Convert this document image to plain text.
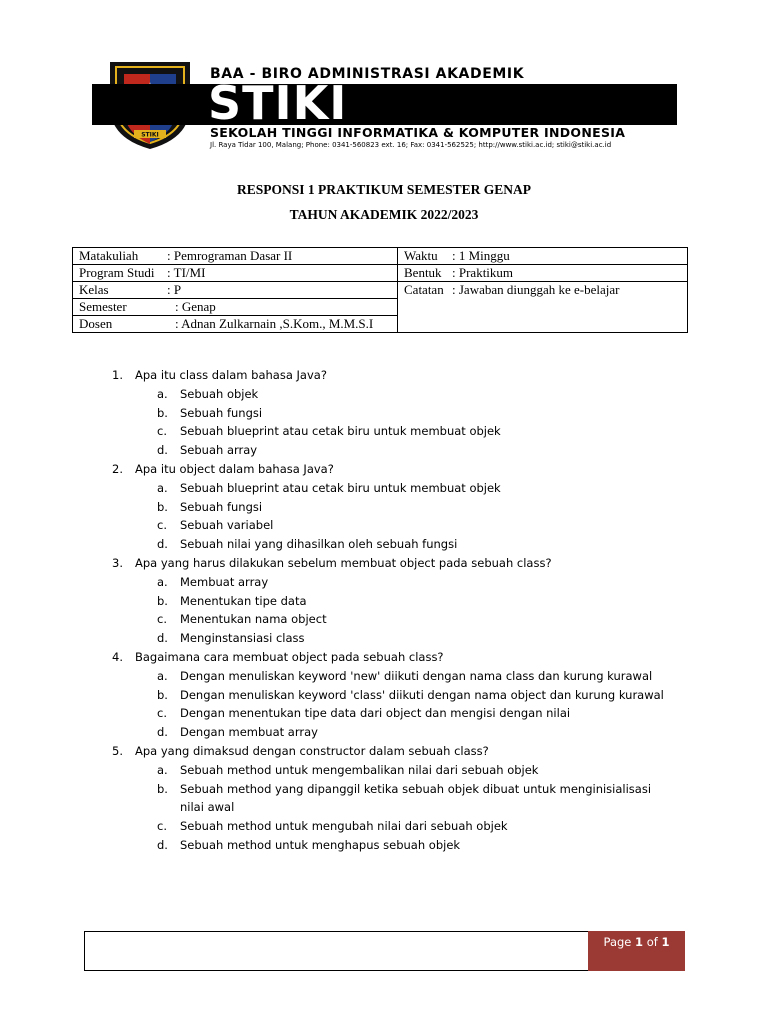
STIKI
BAA - BIRO ADMINISTRASI AKADEMIK
STIKI
SEKOLAH TINGGI INFORMATIKA & KOMPUTER INDONESIA
Jl. Raya Tidar 100, Malang; Phone: 0341-560823 ext. 16; Fax: 0341-562525; http://www.stiki.ac.id; stiki@stiki.ac.id
RESPONSI 1 PRAKTIKUM SEMESTER GENAP
TAHUN AKADEMIK 2022/2023
Matakuliah : Pemrograman Dasar II	Waktu : 1 Minggu
Program Studi : TI/MI	Bentuk : Praktikum
Kelas : P	Catatan : Jawaban diunggah ke e-belajar
Semester : Genap	
Dosen : Adnan Zulkarnain ,S.Kom., M.M.S.I	
1. Apa itu class dalam bahasa Java?
a. Sebuah objek
b. Sebuah fungsi
c. Sebuah blueprint atau cetak biru untuk membuat objek
d. Sebuah array
2. Apa itu object dalam bahasa Java?
a. Sebuah blueprint atau cetak biru untuk membuat objek
b. Sebuah fungsi
c. Sebuah variabel
d. Sebuah nilai yang dihasilkan oleh sebuah fungsi
3. Apa yang harus dilakukan sebelum membuat object pada sebuah class?
a. Membuat array
b. Menentukan tipe data
c. Menentukan nama object
d. Menginstansiasi class
4. Bagaimana cara membuat object pada sebuah class?
a. Dengan menuliskan keyword 'new' diikuti dengan nama class dan kurung kurawal
b. Dengan menuliskan keyword 'class' diikuti dengan nama object dan kurung kurawal
c. Dengan menentukan tipe data dari object dan mengisi dengan nilai
d. Dengan membuat array
5. Apa yang dimaksud dengan constructor dalam sebuah class?
a. Sebuah method untuk mengembalikan nilai dari sebuah objek
b. Sebuah method yang dipanggil ketika sebuah objek dibuat untuk menginisialisasi nilai awal
c. Sebuah method untuk mengubah nilai dari sebuah objek
d. Sebuah method untuk menghapus sebuah objek
Page 1 of 1
